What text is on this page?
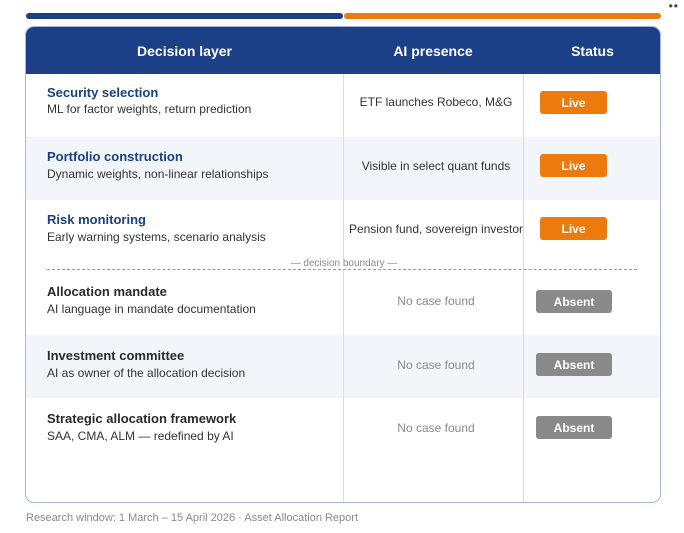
••
Security selection
ML for factor weights, return prediction	ETF launches Robeco, M&G	Live
Portfolio construction
Dynamic weights, non-linear relationships
Visible in select quant funds	Live
Risk monitoring
Early warning systems, scenario analysis
Pension fund, sovereign investor	Live
Allocation mandate
AI language in mandate documentation
No case found	Absent
Investment committee
AI as owner of the allocation decision
No case found	Absent
Strategic allocation framework
SAA, CMA, ALM — redefined by AI
No case found	Absent
— decision boundary —
Decision layer	AI presence	Status
Research window: 1 March – 15 April 2026 · Asset Allocation Report
